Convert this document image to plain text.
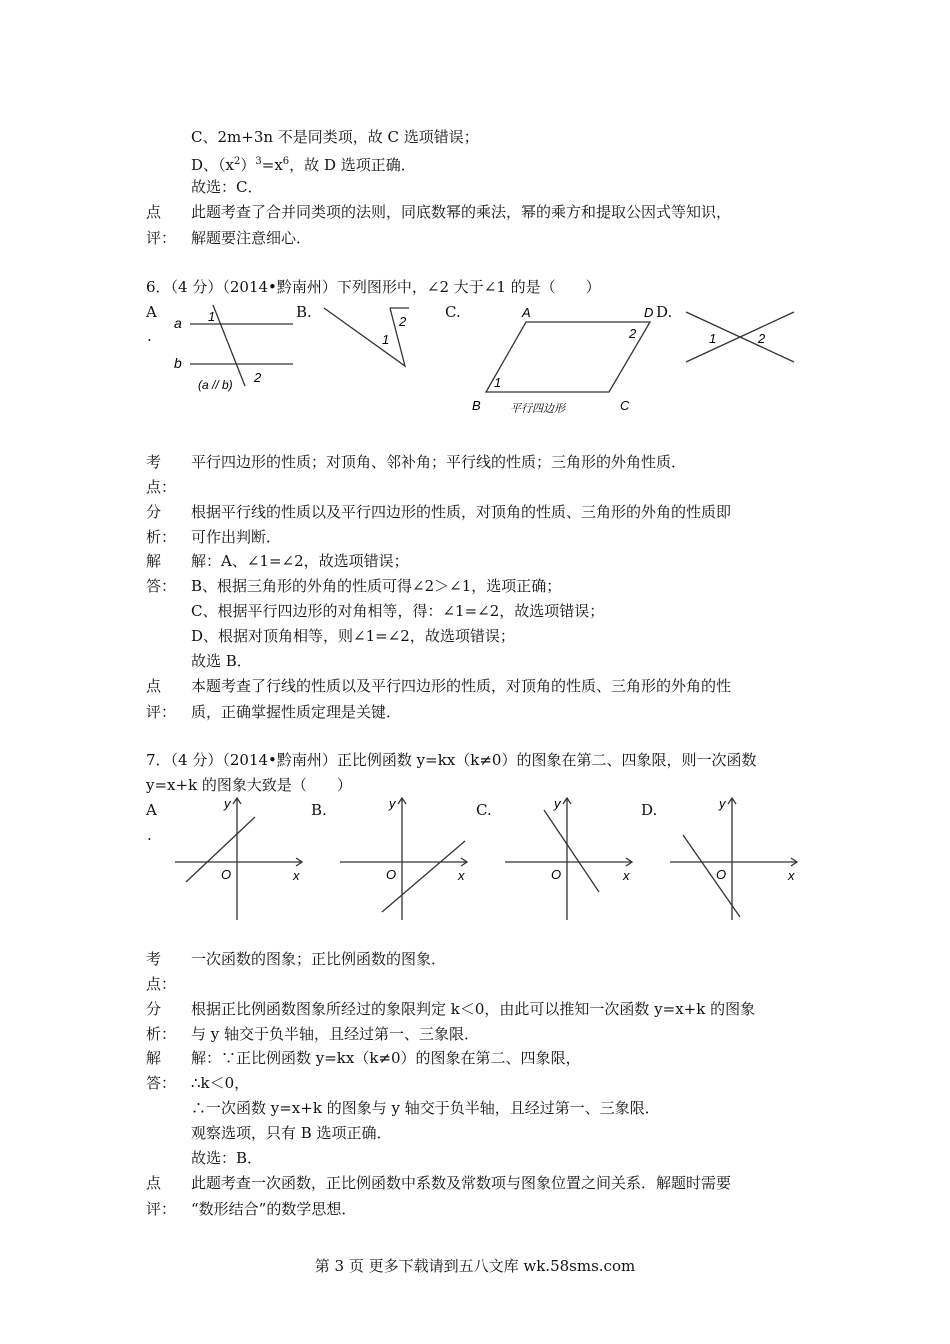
C、2m+3n 不是同类项，故 C 选项错误；
D、$(x^2)^3=x^6$，故 D 选项正确．
故选：C．
点
评：
此题考查了合并同类项的法则，同底数幂的乘法，幂的乘方和提取公因式等知识，
解题要注意细心．
6．（4 分）（2014•黔南州）下列图形中，∠2 大于∠1 的是（　　）
A
.
B.	C.	D.
a
b
1
2
(a // b)
1
2
A	D
B	C
1
2
平行四边形
1	2
考
点：
平行四边形的性质；对顶角、邻补角；平行线的性质；三角形的外角性质．
分
析：
根据平行线的性质以及平行四边形的性质，对顶角的性质、三角形的外角的性质即
可作出判断．
解
答：
解：A、∠1=∠2，故选项错误；
B、根据三角形的外角的性质可得∠2＞∠1，选项正确；
C、根据平行四边形的对角相等，得：∠1=∠2，故选项错误；
D、根据对顶角相等，则∠1=∠2，故选项错误；
故选 B．
点
评：
本题考查了行线的性质以及平行四边形的性质，对顶角的性质、三角形的外角的性
质，正确掌握性质定理是关键．
7．（4 分）（2014•黔南州）正比例函数 y=kx（k≠0）的图象在第二、四象限，则一次函数
y=x+k 的图象大致是（　　）
A
.
B.	C.	D.
y
x
O
y
x
O
y
x
O
y
x
O
考
点：
一次函数的图象；正比例函数的图象．
分
析：
根据正比例函数图象所经过的象限判定 k＜0，由此可以推知一次函数 y=x+k 的图象
与 y 轴交于负半轴，且经过第一、三象限．
解
答：
解：∵正比例函数 y=kx（k≠0）的图象在第二、四象限，
∴k＜0，
∴一次函数 y=x+k 的图象与 y 轴交于负半轴，且经过第一、三象限．
观察选项，只有 B 选项正确．
故选：B．
点
评：
此题考查一次函数，正比例函数中系数及常数项与图象位置之间关系．解题时需要
“数形结合”的数学思想．
第 3 页 更多下载请到五八文库 wk.58sms.com
